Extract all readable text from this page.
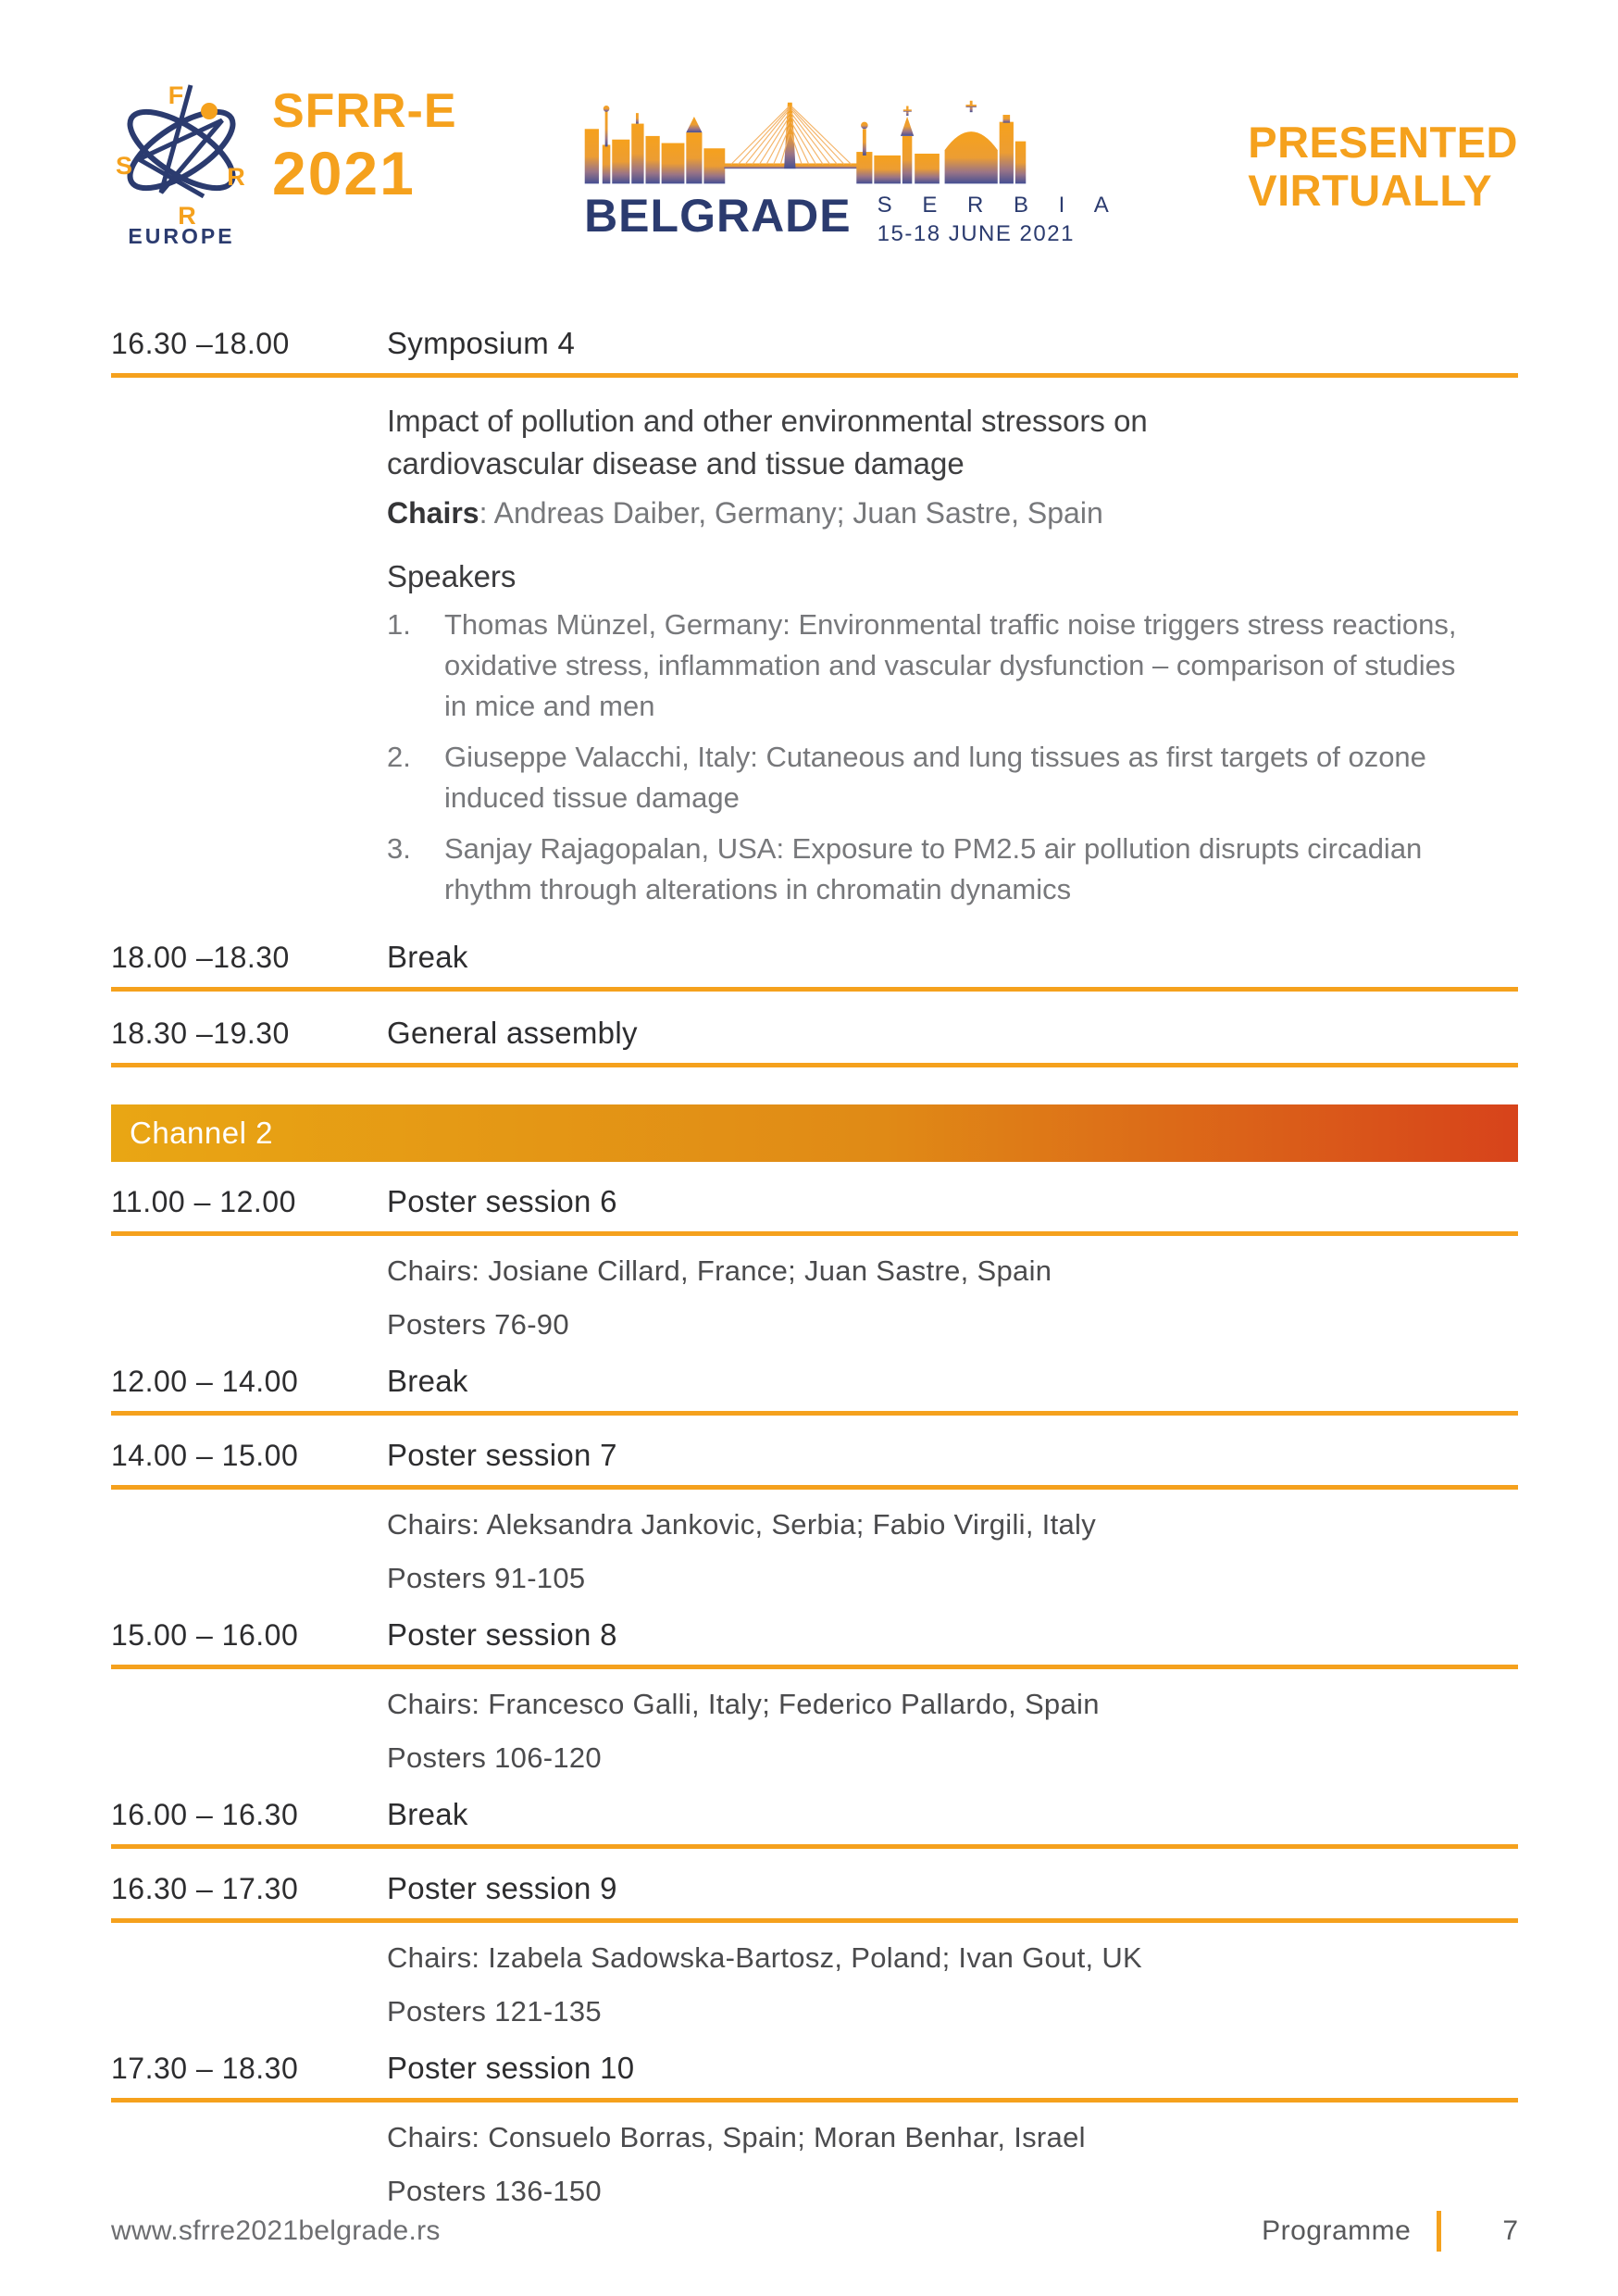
F
S	R
R
EUROPE
SFRR-E
2021
BELGRADE S E R B I A
15-18 JUNE 2021
PRESENTED
VIRTUALLY
16.30 –18.00	Symposium 4
Impact of pollution and other environmental stressors on cardiovascular disease and tissue damage
Chairs: Andreas Daiber, Germany; Juan Sastre, Spain
Speakers
1.	Thomas Münzel, Germany: Environmental traffic noise triggers stress reactions, oxidative stress, inflammation and vascular dysfunction – comparison of studies in mice and men
2.	Giuseppe Valacchi, Italy: Cutaneous and lung tissues as first targets of ozone induced tissue damage
3.	Sanjay Rajagopalan, USA: Exposure to PM2.5 air pollution disrupts circadian rhythm through alterations in chromatin dynamics
18.00 –18.30	Break
18.30 –19.30	General assembly
Channel 2
11.00 – 12.00	Poster session 6
Chairs: Josiane Cillard, France; Juan Sastre, Spain
Posters 76-90
12.00 – 14.00	Break
14.00 – 15.00	Poster session 7
Chairs: Aleksandra Jankovic, Serbia; Fabio Virgili, Italy
Posters 91-105
15.00 – 16.00	Poster session 8
Chairs: Francesco Galli, Italy; Federico Pallardo, Spain
Posters 106-120
16.00 – 16.30	Break
16.30 – 17.30	Poster session 9
Chairs: Izabela Sadowska-Bartosz, Poland; Ivan Gout, UK
Posters 121-135
17.30 – 18.30	Poster session 10
Chairs: Consuelo Borras, Spain; Moran Benhar, Israel
Posters 136-150
www.sfrre2021belgrade.rs	Programme	7
